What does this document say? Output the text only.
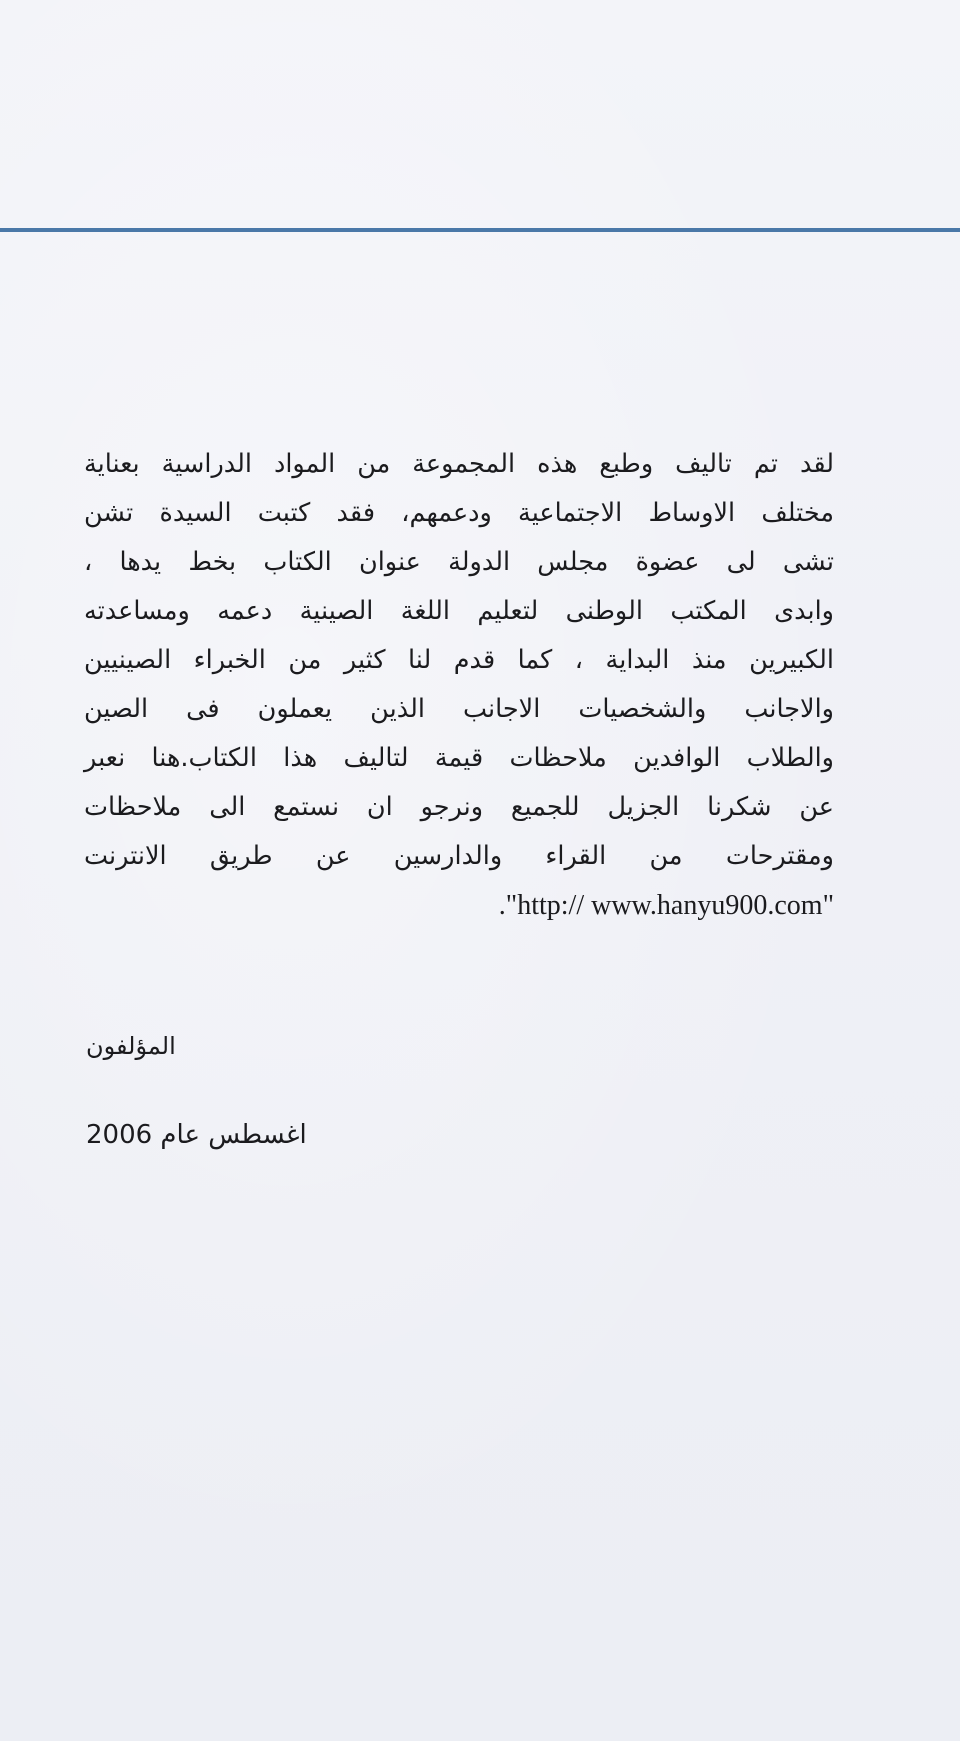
لقد تم تاليف وطبع هذه المجموعة من المواد الدراسية بعناية
مختلف الاوساط الاجتماعية ودعمهم، فقد كتبت السيدة تشن
تشى لى عضوة مجلس الدولة عنوان الكتاب بخط يدها ،
وابدى المكتب الوطنى لتعليم اللغة الصينية دعمه ومساعدته
الكبيرين منذ البداية ، كما قدم لنا كثير من الخبراء الصينيين
والاجانب والشخصيات الاجانب الذين يعملون فى الصين
والطلاب الوافدين ملاحظات قيمة لتاليف هذا الكتاب.هنا نعبر
عن شكرنا الجزيل للجميع ونرجو ان نستمع الى ملاحظات
ومقترحات من القراء والدارسين عن طريق الانترنت
."http:// www.hanyu900.com"
المؤلفون
اغسطس عام 2006
